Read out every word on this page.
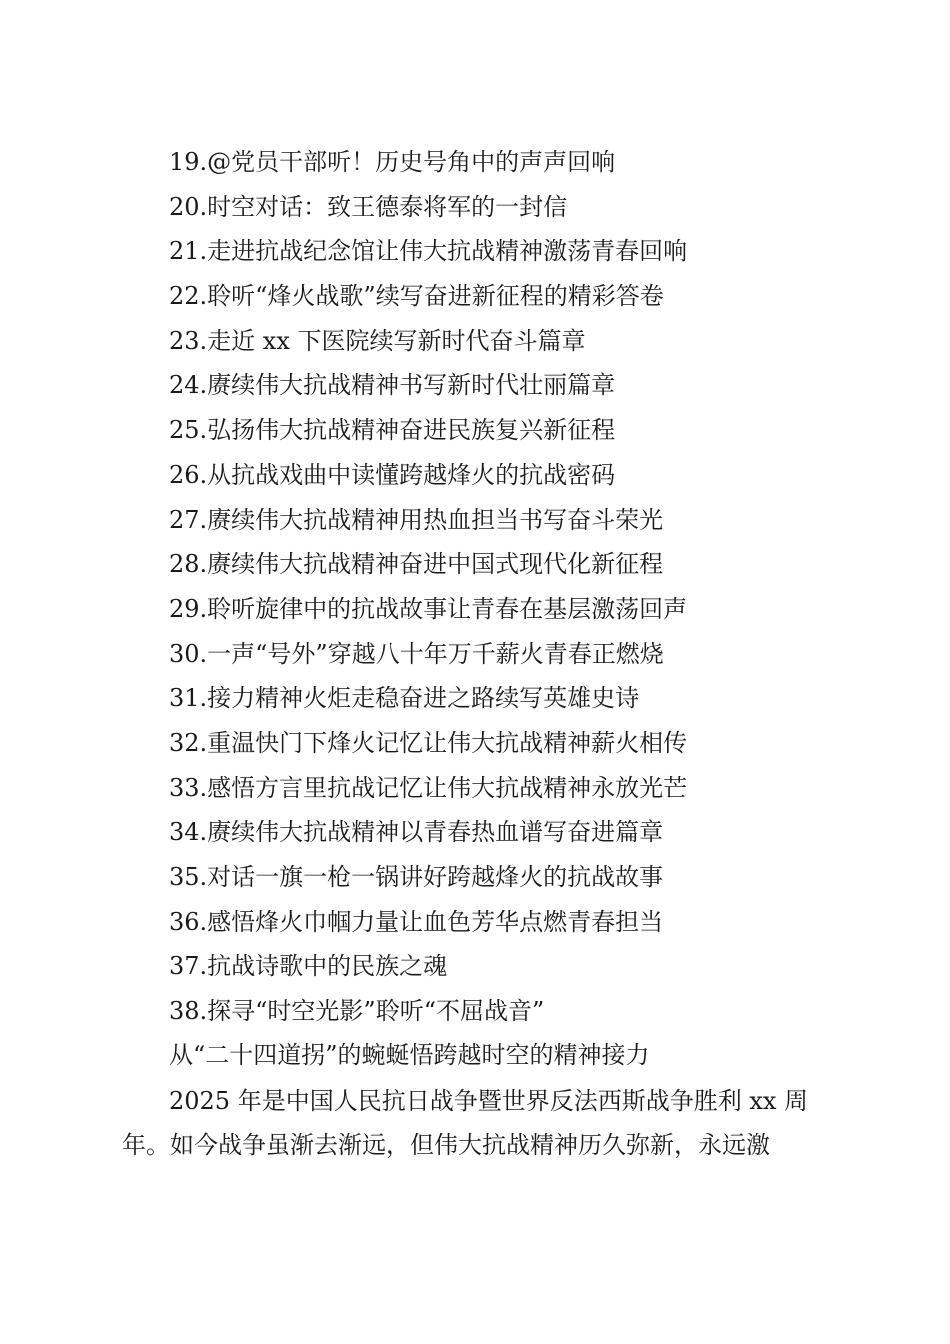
19.@党员干部听！历史号角中的声声回响
20.时空对话：致王德泰将军的一封信
21.走进抗战纪念馆让伟大抗战精神激荡青春回响
22.聆听“烽火战歌”续写奋进新征程的精彩答卷
23.走近 xx 下医院续写新时代奋斗篇章
24.赓续伟大抗战精神书写新时代壮丽篇章
25.弘扬伟大抗战精神奋进民族复兴新征程
26.从抗战戏曲中读懂跨越烽火的抗战密码
27.赓续伟大抗战精神用热血担当书写奋斗荣光
28.赓续伟大抗战精神奋进中国式现代化新征程
29.聆听旋律中的抗战故事让青春在基层激荡回声
30.一声“号外”穿越八十年万千薪火青春正燃烧
31.接力精神火炬走稳奋进之路续写英雄史诗
32.重温快门下烽火记忆让伟大抗战精神薪火相传
33.感悟方言里抗战记忆让伟大抗战精神永放光芒
34.赓续伟大抗战精神以青春热血谱写奋进篇章
35.对话一旗一枪一锅讲好跨越烽火的抗战故事
36.感悟烽火巾帼力量让血色芳华点燃青春担当
37.抗战诗歌中的民族之魂
38.探寻“时空光影”聆听“不屈战音”
从“二十四道拐”的蜿蜒悟跨越时空的精神接力
2025 年是中国人民抗日战争暨世界反法西斯战争胜利 xx 周
年。如今战争虽渐去渐远，但伟大抗战精神历久弥新，永远激
